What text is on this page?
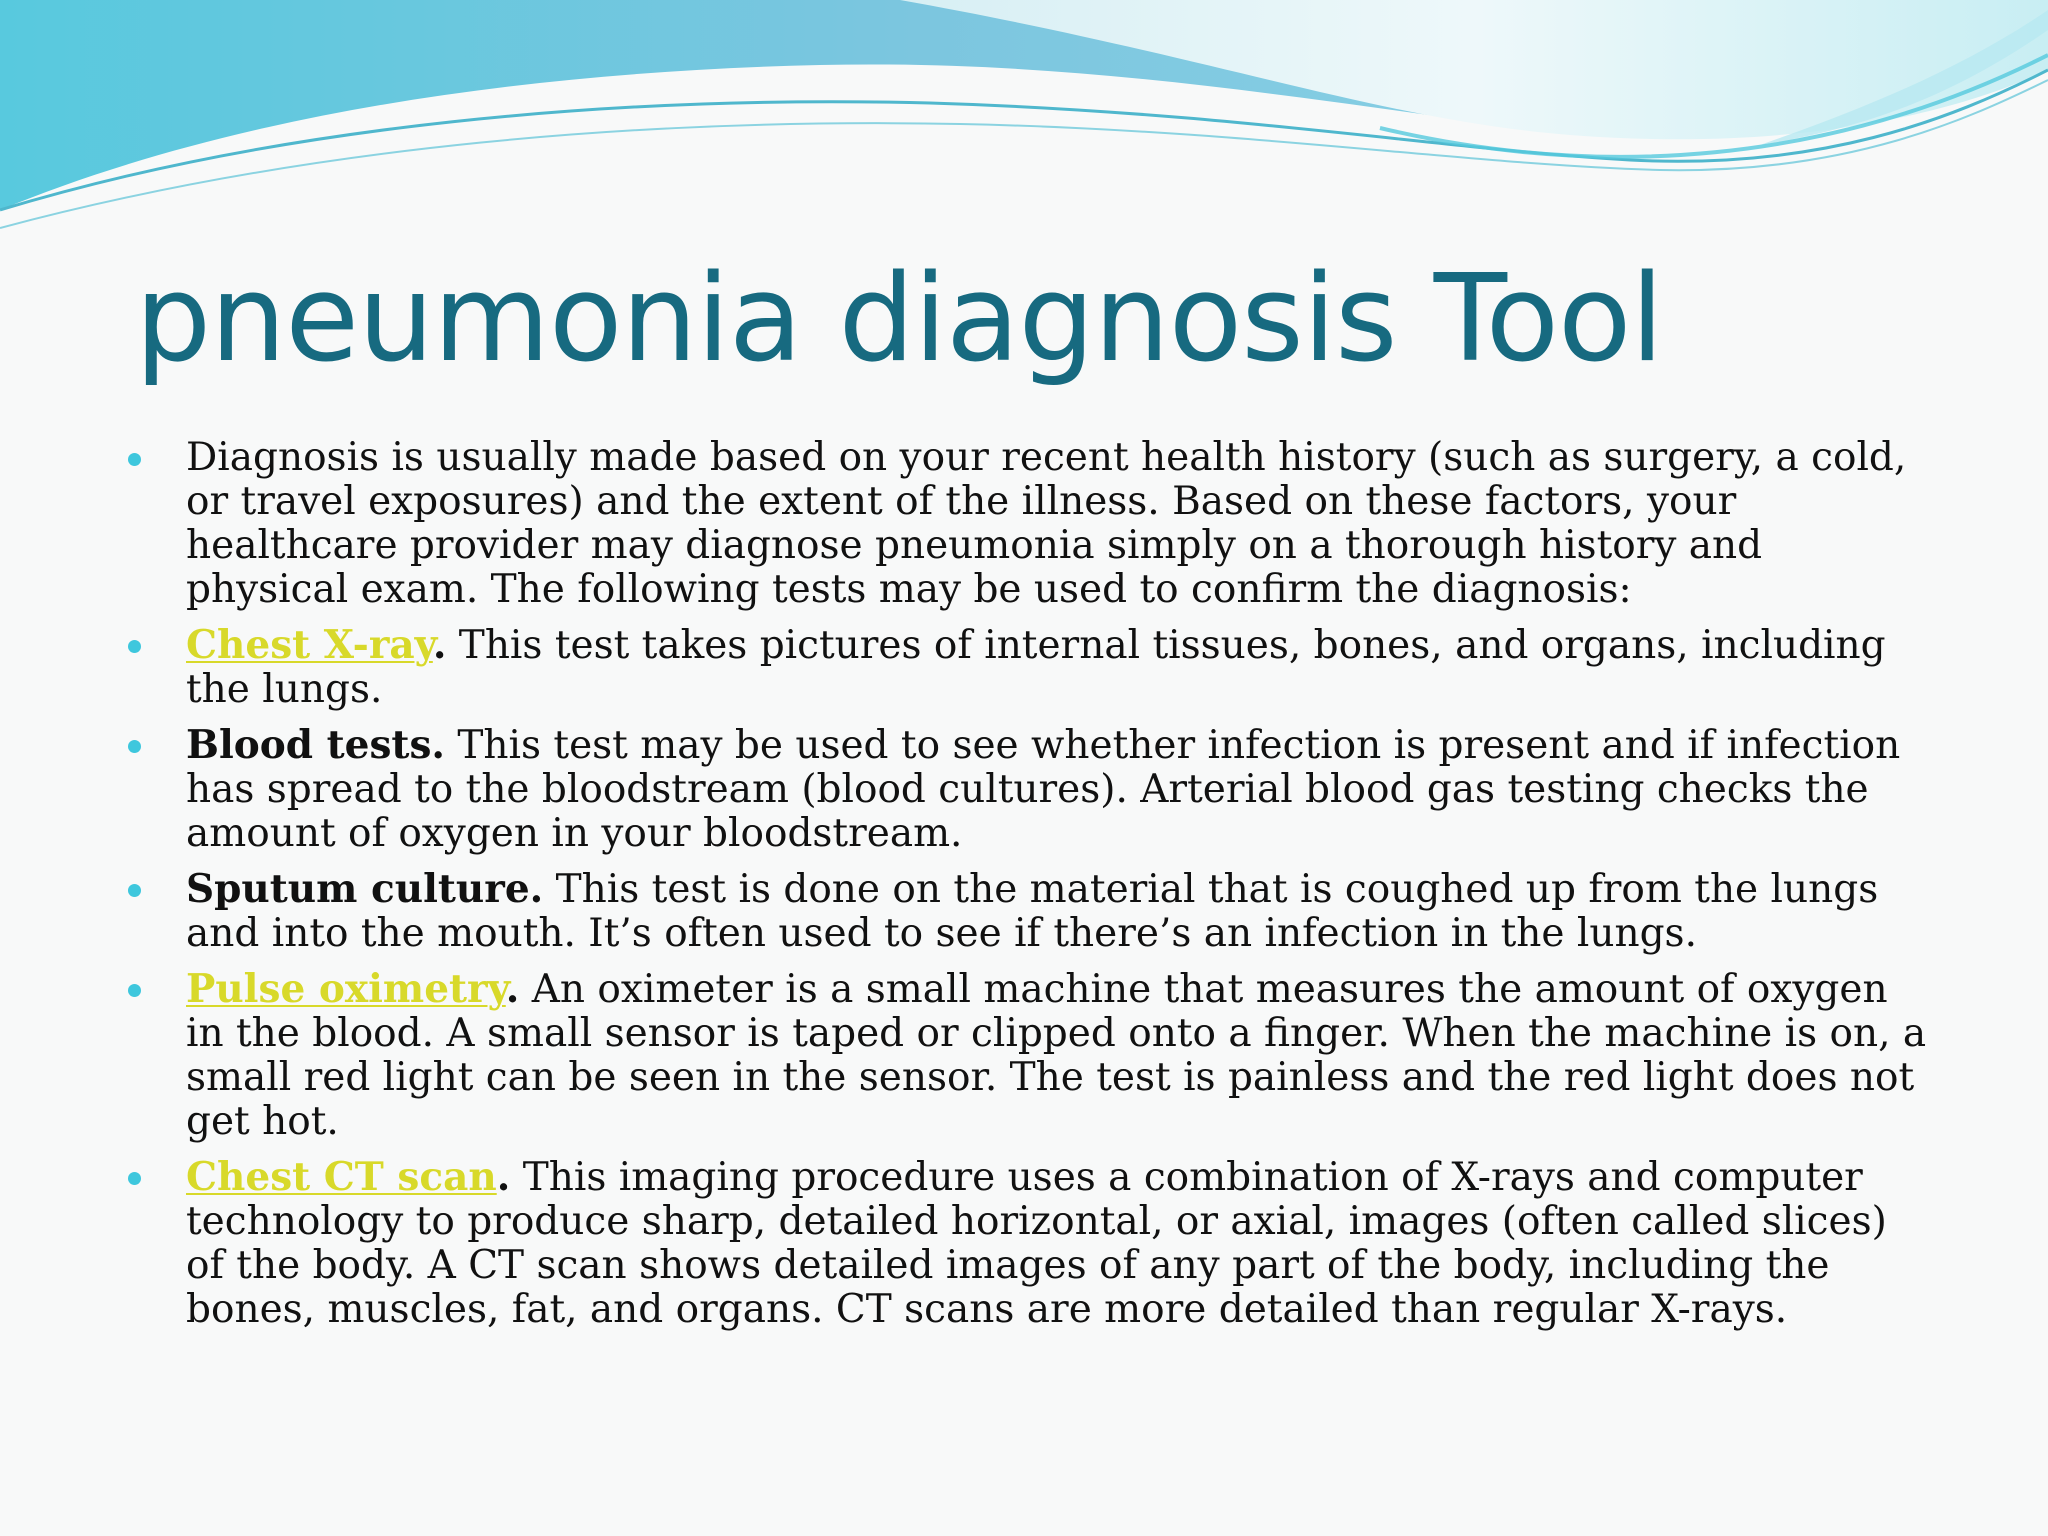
pneumonia diagnosis Tool
Diagnosis is usually made based on your recent health history (such as surgery, a cold, or travel exposures) and the extent of the illness. Based on these factors, your healthcare provider may diagnose pneumonia simply on a thorough history and physical exam. The following tests may be used to confirm the diagnosis:
Chest X-ray. This test takes pictures of internal tissues, bones, and organs, including the lungs.
Blood tests. This test may be used to see whether infection is present and if infection has spread to the bloodstream (blood cultures). Arterial blood gas testing checks the amount of oxygen in your bloodstream.
Sputum culture. This test is done on the material that is coughed up from the lungs and into the mouth. It’s often used to see if there’s an infection in the lungs.
Pulse oximetry. An oximeter is a small machine that measures the amount of oxygen in the blood. A small sensor is taped or clipped onto a finger. When the machine is on, a small red light can be seen in the sensor. The test is painless and the red light does not get hot.
Chest CT scan. This imaging procedure uses a combination of X-rays and computer technology to produce sharp, detailed horizontal, or axial, images (often called slices) of the body. A CT scan shows detailed images of any part of the body, including the bones, muscles, fat, and organs. CT scans are more detailed than regular X-rays.
